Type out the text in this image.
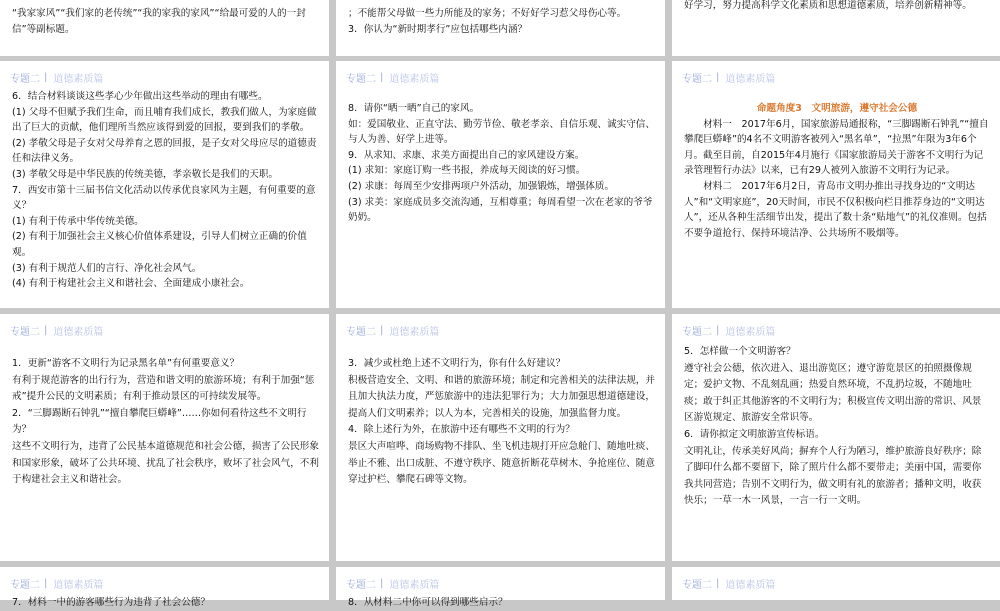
“我家家风”“我们家的老传统”“我的家我的家风”“给最可爱的人的一封信”等副标题。

；不能帮父母做一些力所能及的家务；不好好学习惹父母伤心等。

3．你认为“新时期孝行”应包括哪些内涵？

好学习，努力提高科学文化素质和思想道德素质，培养创新精神等。

专题二 | 道德素质篇

6．结合材料谈谈这些孝心少年做出这些举动的理由有哪些。

(1) 父母不但赋予我们生命，而且哺育我们成长，教我们做人，为家庭做出了巨大的贡献，他们理所当然应该得到爱的回报，要到我们的孝敬。

(2) 孝敬父母是子女对父母养育之恩的回报，是子女对父母应尽的道德责任和法律义务。

(3) 孝敬父母是中华民族的传统美德，孝亲敬长是我们的天职。

7．西安市第十三届书信文化活动以传承优良家风为主题，有何重要的意义？

(1) 有利于传承中华传统美德。

(2) 有利于加强社会主义核心价值体系建设，引导人们树立正确的价值观。

(3) 有利于规范人们的言行、净化社会风气。

(4) 有利于构建社会主义和谐社会、全面建成小康社会。

专题二 | 道德素质篇

8．请你“晒一晒”自己的家风。

如：爱国敬业、正直守法、勤劳节俭、敬老孝亲、自信乐观、诚实守信、与人为善、好学上进等。

9．从求知、求康、求美方面提出自己的家风建设方案。

(1) 求知：家庭订购一些书报，养成每天阅读的好习惯。

(2) 求康：每周至少安排两项户外活动，加强锻炼，增强体质。

(3) 求美：家庭成员多交流沟通，互相尊重；每周看望一次在老家的爷爷奶奶。

专题二 | 道德素质篇

命题角度3　文明旅游，遵守社会公德

材料一　2017年6月，国家旅游局通报称，“三脚踢断石钟乳”“擅自攀爬巨蟒峰”的4名不文明游客被列入“黑名单”，“拉黑”年限为3年6个月。截至目前，自2015年4月施行《国家旅游局关于游客不文明行为记录管理暂行办法》以来，已有29人被列入旅游不文明行为记录。

材料二　2017年6月2日，青岛市文明办推出寻找身边的“文明达人”和“文明家庭”，20天时间，市民不仅积极向栏目推荐身边的“文明达人”，还从各种生活细节出发，提出了数十条“贴地气”的礼仪准则。包括不要争道抢行、保持环境洁净、公共场所不吸烟等。

专题二 | 道德素质篇

1．更新“游客不文明行为记录黑名单”有何重要意义？

有利于规范游客的出行行为，营造和谐文明的旅游环境；有利于加强“惩戒”提升公民的文明素质；有利于推动景区的可持续发展等。

2．“三脚踢断石钟乳”“擅自攀爬巨蟒峰”……你如何看待这些不文明行为？

这些不文明行为，违背了公民基本道德规范和社会公德，损害了公民形象和国家形象，破坏了公共环境、扰乱了社会秩序，败坏了社会风气，不利于构建社会主义和谐社会。

专题二 | 道德素质篇

3．减少或杜绝上述不文明行为，你有什么好建议？

积极营造安全、文明、和谐的旅游环境；制定和完善相关的法律法规，并且加大执法力度，严惩旅游中的违法犯罪行为；大力加强思想道德建设，提高人们文明素养；以人为本，完善相关的设施，加强监督力度。

4．除上述行为外，在旅游中还有哪些不文明的行为？

景区大声喧哗、商场购物不排队、坐飞机违规打开应急舱门、随地吐痰、举止不雅、出口成脏、不遵守秩序、随意折断花草树木、争抢座位、随意穿过护栏、攀爬石碑等文物。

专题二 | 道德素质篇

5．怎样做一个文明游客？

遵守社会公德，依次进入、退出游览区；遵守游览景区的拍照摄像规定；爱护文物、不乱刻乱画；热爱自然环境，不乱扔垃圾，不随地吐痰；敢于纠正其他游客的不文明行为；积极宣传文明出游的常识、风景区游览规定、旅游安全常识等。

6．请你拟定文明旅游宣传标语。

文明礼让，传承美好风尚；摒弃个人行为陋习，维护旅游良好秩序；除了脚印什么都不要留下，除了照片什么都不要带走；美丽中国，需要你我共同营造；告别不文明行为，做文明有礼的旅游者；播种文明，收获快乐；一草一木一风景，一言一行一文明。

专题二 | 道德素质篇

7．材料一中的游客哪些行为违背了社会公德？

专题二 | 道德素质篇

8．从材料二中你可以得到哪些启示？

专题二 | 道德素质篇
